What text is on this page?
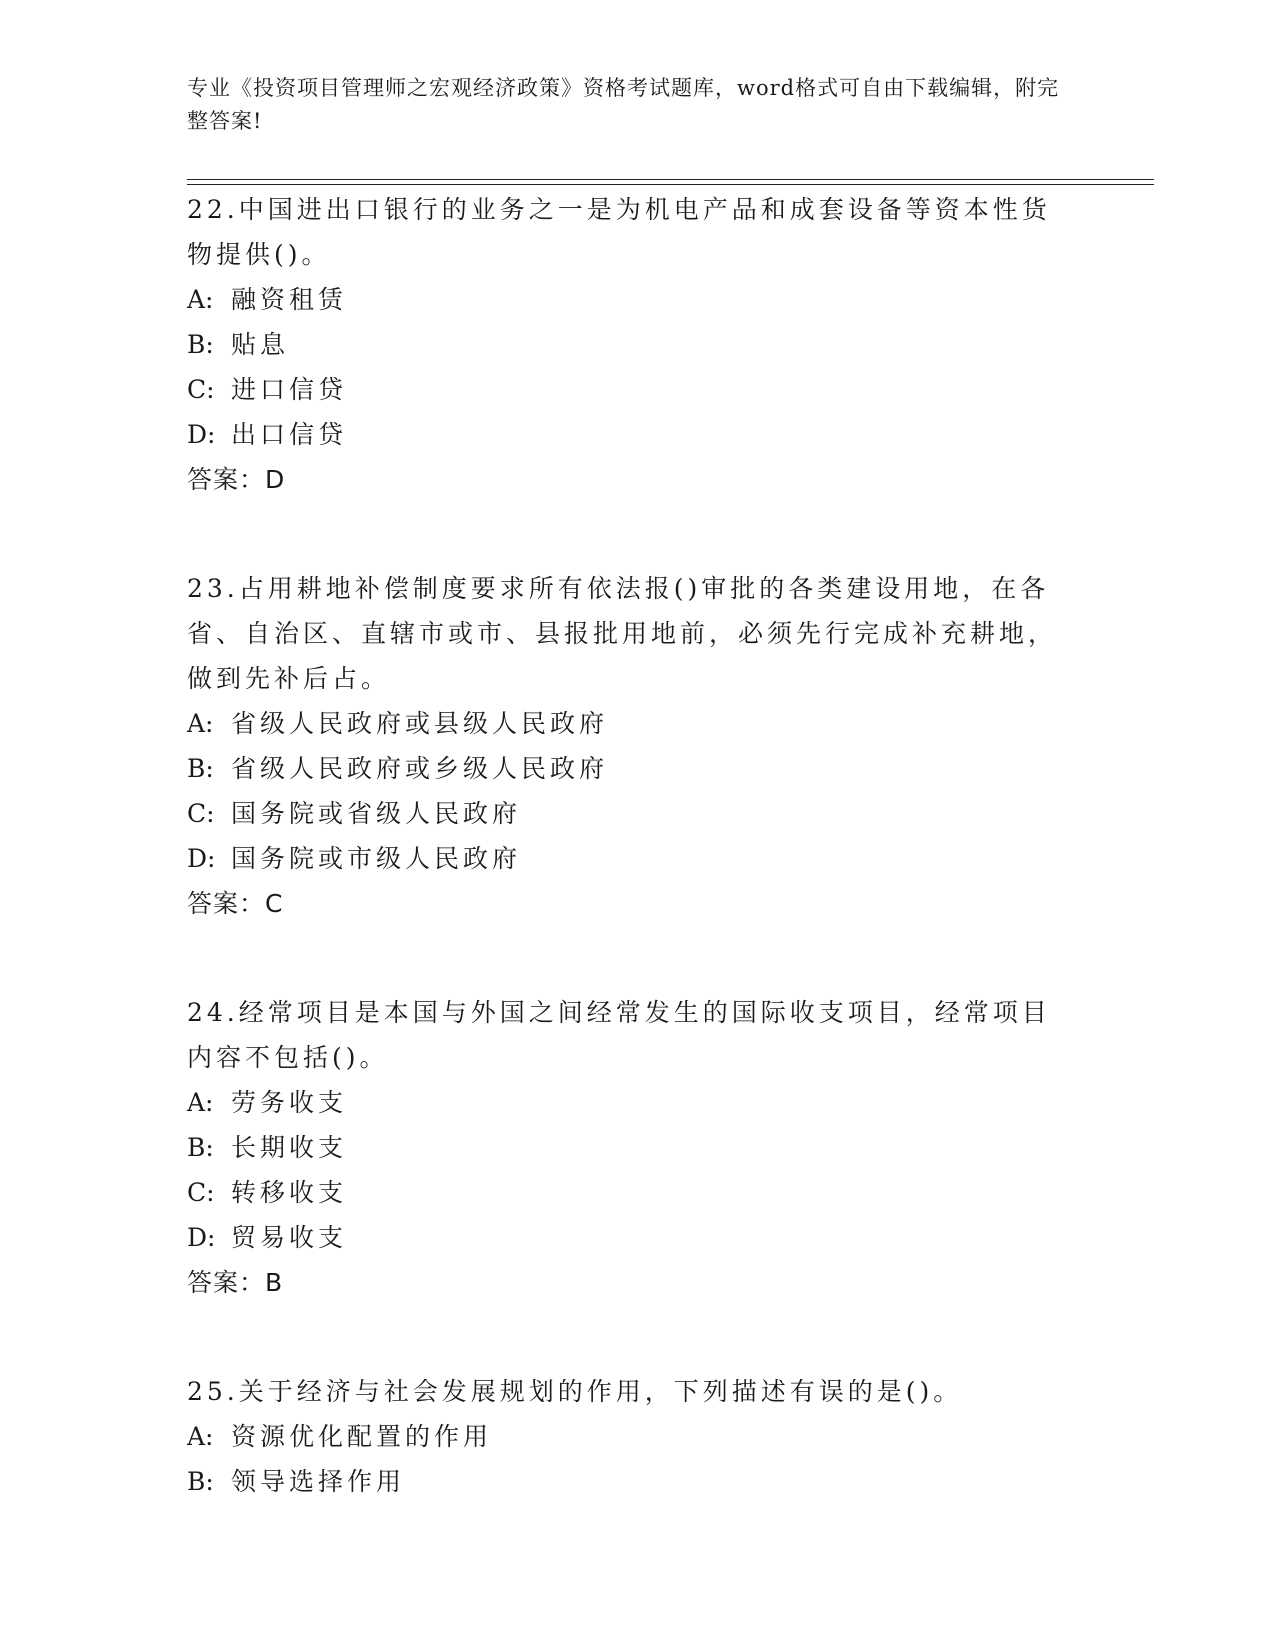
专业《投资项目管理师之宏观经济政策》资格考试题库，word格式可自由下载编辑，附完整答案!
22.中国进出口银行的业务之一是为机电产品和成套设备等资本性货物提供()。
A: 融资租赁
B: 贴息
C: 进口信贷
D: 出口信贷
答案：D
23.占用耕地补偿制度要求所有依法报()审批的各类建设用地，在各省、自治区、直辖市或市、县报批用地前，必须先行完成补充耕地，做到先补后占。
A: 省级人民政府或县级人民政府
B: 省级人民政府或乡级人民政府
C: 国务院或省级人民政府
D: 国务院或市级人民政府
答案：C
24.经常项目是本国与外国之间经常发生的国际收支项目，经常项目内容不包括()。
A: 劳务收支
B: 长期收支
C: 转移收支
D: 贸易收支
答案：B
25.关于经济与社会发展规划的作用，下列描述有误的是()。
A: 资源优化配置的作用
B: 领导选择作用
